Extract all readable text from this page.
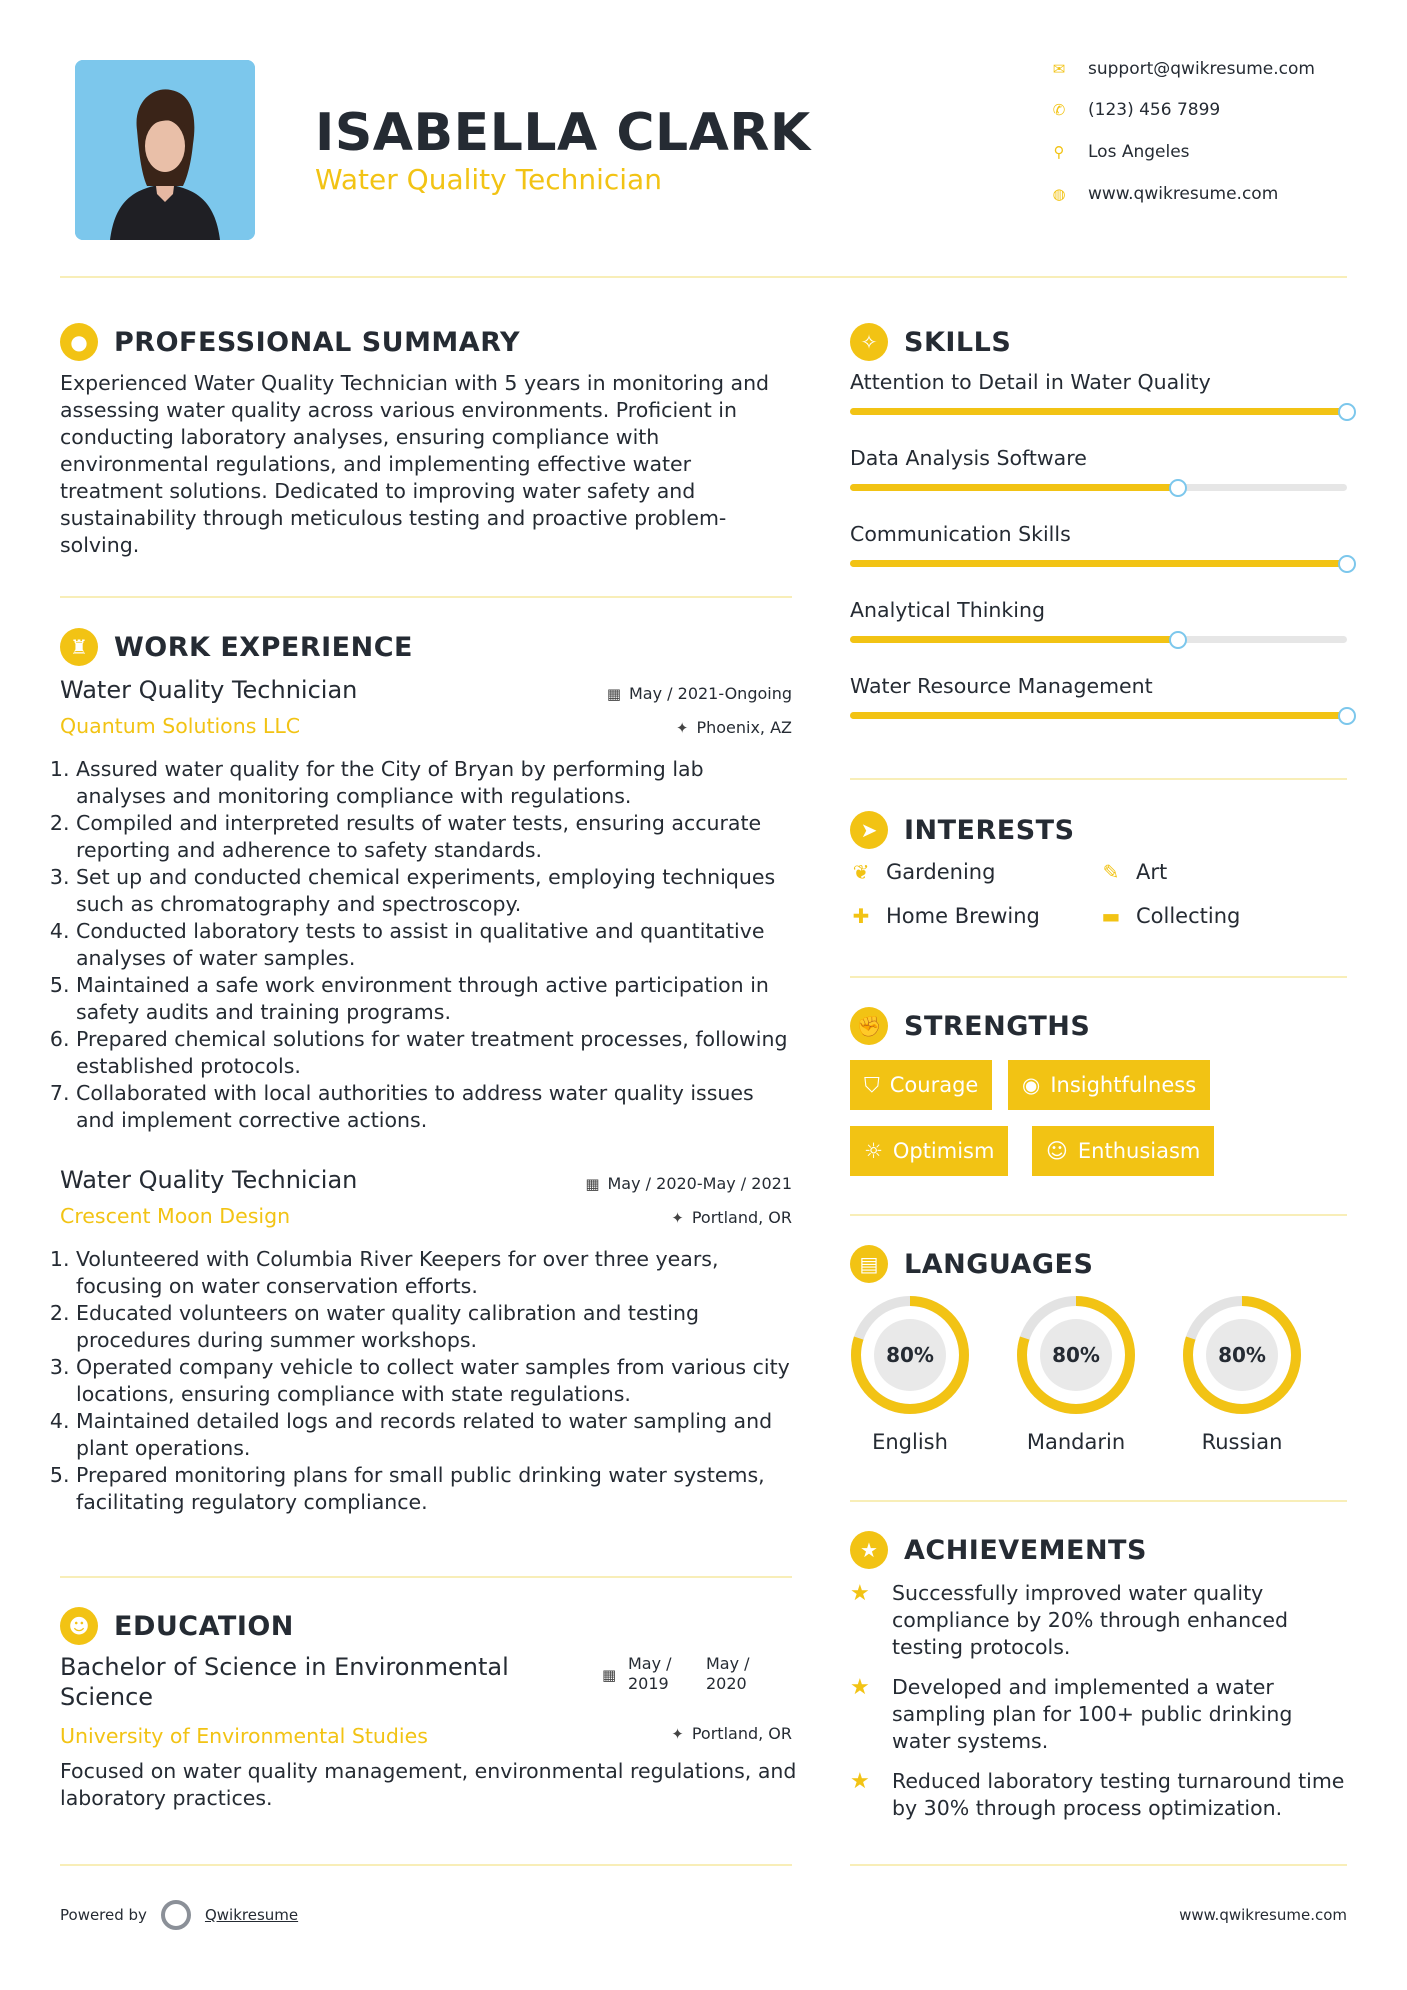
ISABELLA CLARK
Water Quality Technician
✉ support@qwikresume.com
✆ (123) 456 7899
⚲ Los Angeles
◍ www.qwikresume.com
● PROFESSIONAL SUMMARY
Experienced Water Quality Technician with 5 years in monitoring and assessing water quality across various environments. Proficient in conducting laboratory analyses, ensuring compliance with environmental regulations, and implementing effective water treatment solutions. Dedicated to improving water safety and sustainability through meticulous testing and proactive problem-solving.
♜ WORK EXPERIENCE
Water Quality Technician	▦ May / 2021-Ongoing
Quantum Solutions LLC	✦ Phoenix, AZ
1. Assured water quality for the City of Bryan by performing lab analyses and monitoring compliance with regulations.
2. Compiled and interpreted results of water tests, ensuring accurate reporting and adherence to safety standards.
3. Set up and conducted chemical experiments, employing techniques such as chromatography and spectroscopy.
4. Conducted laboratory tests to assist in qualitative and quantitative analyses of water samples.
5. Maintained a safe work environment through active participation in safety audits and training programs.
6. Prepared chemical solutions for water treatment processes, following established protocols.
7. Collaborated with local authorities to address water quality issues and implement corrective actions.
Water Quality Technician	▦ May / 2020-May / 2021
Crescent Moon Design	✦ Portland, OR
1. Volunteered with Columbia River Keepers for over three years, focusing on water conservation efforts.
2. Educated volunteers on water quality calibration and testing procedures during summer workshops.
3. Operated company vehicle to collect water samples from various city locations, ensuring compliance with state regulations.
4. Maintained detailed logs and records related to water sampling and plant operations.
5. Prepared monitoring plans for small public drinking water systems, facilitating regulatory compliance.
☻ EDUCATION
Bachelor of Science in Environmental Science
▦
May / 2019
May / 2020
University of Environmental Studies	✦ Portland, OR
Focused on water quality management, environmental regulations, and laboratory practices.
✧ SKILLS
Attention to Detail in Water Quality
Data Analysis Software
Communication Skills
Analytical Thinking
Water Resource Management
➤ INTERESTS
❦ Gardening	✎ Art
✚ Home Brewing	▬ Collecting
✊ STRENGTHS
⛉ Courage ◉ Insightfulness
☼ Optimism ☺ Enthusiasm
▤ LANGUAGES
80%
English
80%
Mandarin
80%
Russian
★ ACHIEVEMENTS
★	Successfully improved water quality compliance by 20% through enhanced testing protocols.
★	Developed and implemented a water sampling plan for 100+ public drinking water systems.
★	Reduced laboratory testing turnaround time by 30% through process optimization.
Powered by	Qwikresume	www.qwikresume.com
